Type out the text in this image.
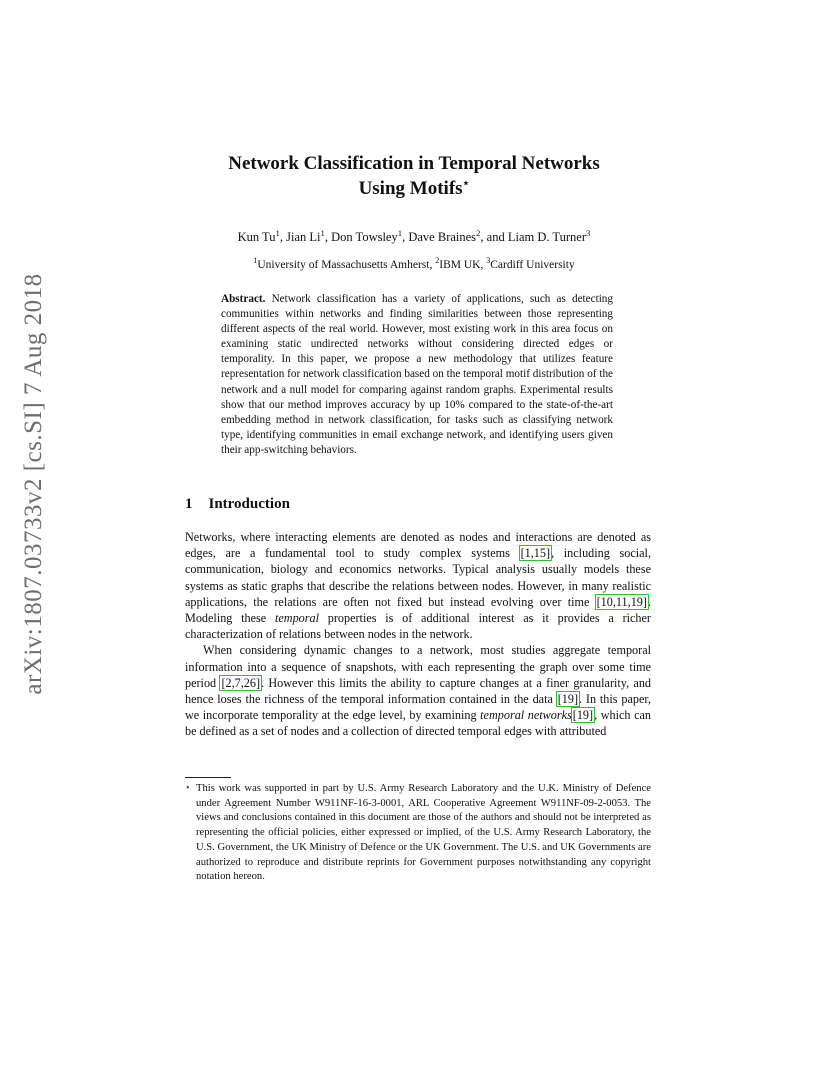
arXiv:1807.03733v2 [cs.SI] 7 Aug 2018
Network Classification in Temporal Networks
Using Motifs⋆
Kun Tu$^1$, Jian Li$^1$, Don Towsley$^1$, Dave Braines$^2$, and Liam D. Turner$^3$
$^1$University of Massachusetts Amherst, $^2$IBM UK, $^3$Cardiff University
Abstract. Network classification has a variety of applications, such as detecting communities within networks and finding similarities between those representing different aspects of the real world. However, most existing work in this area focus on examining static undirected networks without considering directed edges or temporality. In this paper, we propose a new methodology that utilizes feature representation for network classification based on the temporal motif distribution of the network and a null model for comparing against random graphs. Experimental results show that our method improves accuracy by up 10% compared to the state-of-the-art embedding method in network classification, for tasks such as classifying network type, identifying communities in email exchange network, and identifying users given their app-switching behaviors.
1 Introduction

Networks, where interacting elements are denoted as nodes and interactions are denoted as edges, are a fundamental tool to study complex systems [1,15], including social, communication, biology and economics networks. Typical analysis usually models these systems as static graphs that describe the relations between nodes. However, in many realistic applications, the relations are often not fixed but instead evolving over time [10,11,19]. Modeling these temporal properties is of additional interest as it provides a richer characterization of relations between nodes in the network.

When considering dynamic changes to a network, most studies aggregate temporal information into a sequence of snapshots, with each representing the graph over some time period [2,7,26]. However this limits the ability to capture changes at a finer granularity, and hence loses the richness of the temporal information contained in the data [19]. In this paper, we incorporate temporality at the edge level, by examining temporal networks[19], which can be defined as a set of nodes and a collection of directed temporal edges with attributed

⋆ This work was supported in part by U.S. Army Research Laboratory and the U.K. Ministry of Defence under Agreement Number W911NF-16-3-0001, ARL Cooperative Agreement W911NF-09-2-0053. The views and conclusions contained in this document are those of the authors and should not be interpreted as representing the official policies, either expressed or implied, of the U.S. Army Research Laboratory, the U.S. Government, the UK Ministry of Defence or the UK Government. The U.S. and UK Governments are authorized to reproduce and distribute reprints for Government purposes notwithstanding any copyright notation hereon.
